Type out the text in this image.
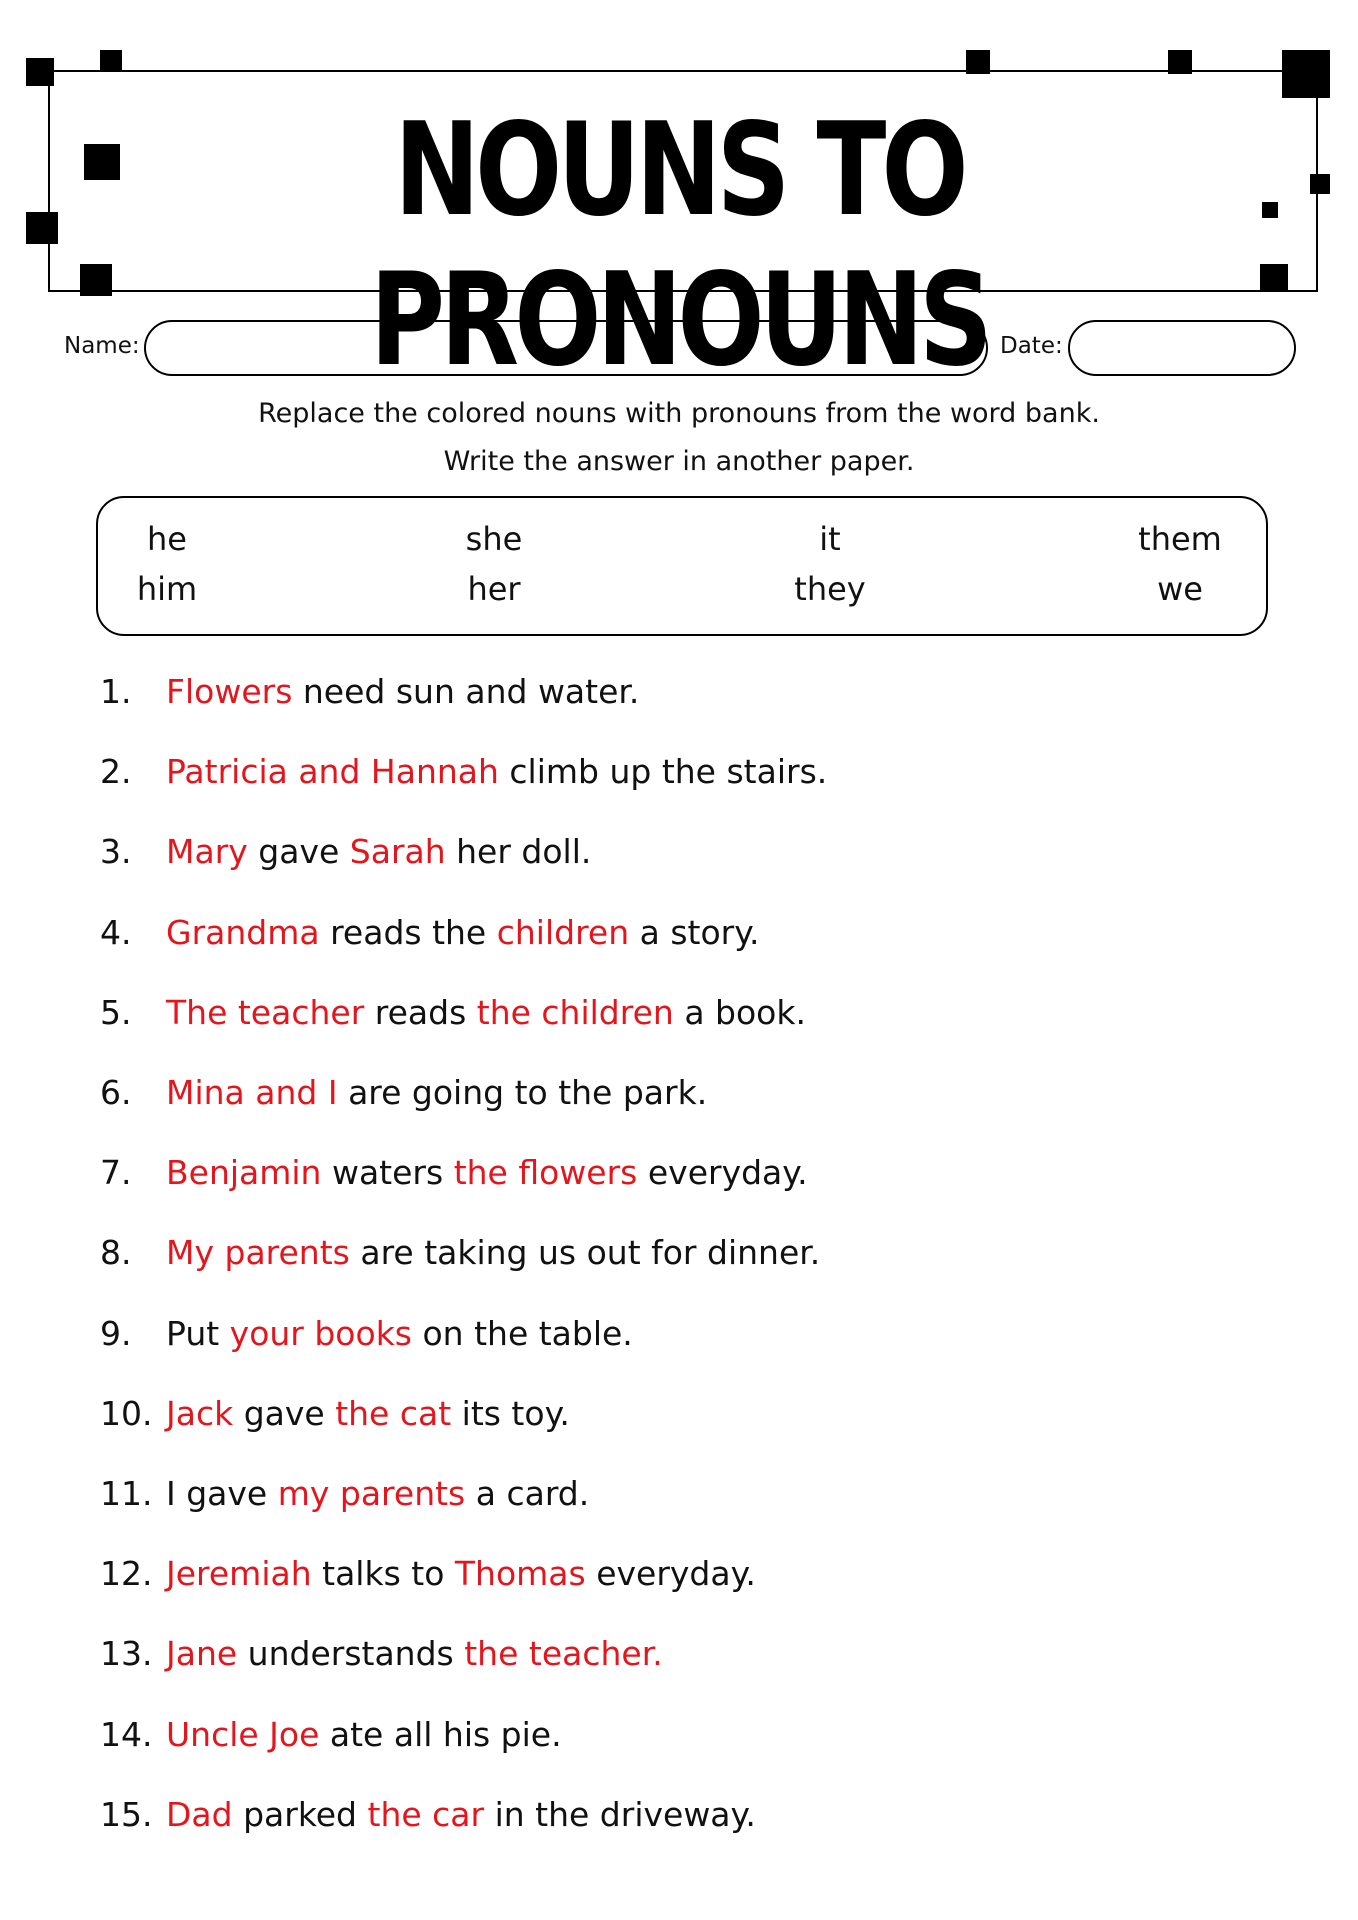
NOUNS TO PRONOUNS
Name:	Date:
Replace the colored nouns with pronouns from the word bank.
Write the answer in another paper.
he	she	it	them
him	her	they	we
1. Flowers need sun and water.
2. Patricia and Hannah climb up the stairs.
3. Mary gave Sarah her doll.
4. Grandma reads the children a story.
5. The teacher reads the children a book.
6. Mina and I are going to the park.
7. Benjamin waters the flowers everyday.
8. My parents are taking us out for dinner.
9. Put your books on the table.
10. Jack gave the cat its toy.
11. I gave my parents a card.
12. Jeremiah talks to Thomas everyday.
13. Jane understands the teacher.
14. Uncle Joe ate all his pie.
15. Dad parked the car in the driveway.
